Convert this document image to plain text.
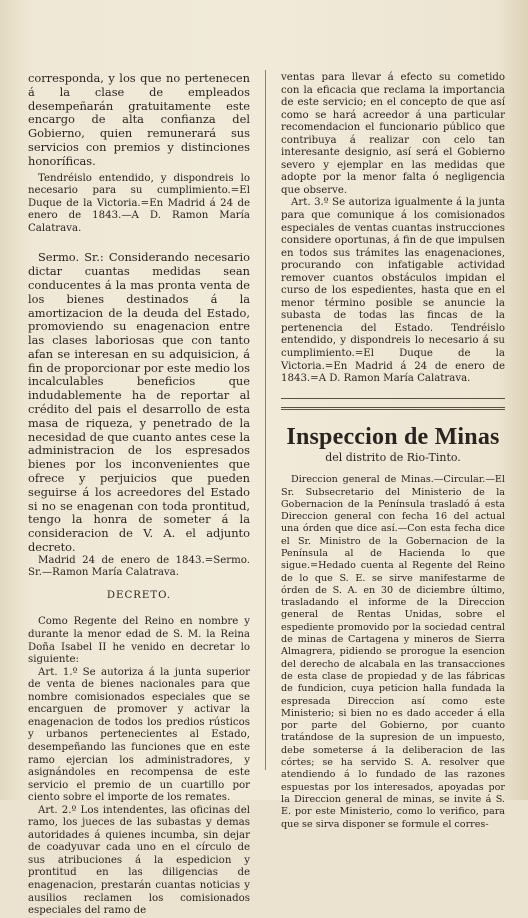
corresponda, y los que no pertenecen á la clase de empleados desempeñarán gratuitamente este encargo de alta confianza del Gobierno, quien remunerará sus servicios con premios y distinciones honoríficas.

Tendréislo entendido, y dispondreis lo necesario para su cumplimiento.=El Duque de la Victoria.=En Madrid á 24 de enero de 1843.—A D. Ramon María Calatrava.

Sermo. Sr.: Considerando necesario dictar cuantas medidas sean conducentes á la mas pronta venta de los bienes destinados á la amortizacion de la deuda del Estado, promoviendo su enagenacion entre las clases laboriosas que con tanto afan se interesan en su adquisicion, á fin de proporcionar por este medio los incalculables beneficios que indudablemente ha de reportar al crédito del pais el desarrollo de esta masa de riqueza, y penetrado de la necesidad de que cuanto antes cese la administracion de los espresados bienes por los inconvenientes que ofrece y perjuicios que pueden seguirse á los acreedores del Estado si no se enagenan con toda prontitud, tengo la honra de someter á la consideracion de V. A. el adjunto decreto.

Madrid 24 de enero de 1843.=Sermo. Sr.—Ramon María Calatrava.

DECRETO.

Como Regente del Reino en nombre y durante la menor edad de S. M. la Reina Doña Isabel II he venido en decretar lo siguiente:

Art. 1.º Se autoriza á la junta superior de venta de bienes nacionales para que nombre comisionados especiales que se encarguen de promover y activar la enagenacion de todos los predios rústicos y urbanos pertenecientes al Estado, desempeñando las funciones que en este ramo ejercian los administradores, y asignándoles en recompensa de este servicio el premio de un cuartillo por ciento sobre el importe de los remates.

Art. 2.º Los intendentes, las oficinas del ramo, los jueces de las subastas y demas autoridades á quienes incumba, sin dejar de coadyuvar cada uno en el círculo de sus atribuciones á la espedicion y prontitud en las diligencias de enagenacion, prestarán cuantas noticias y ausilios reclamen los comisionados especiales del ramo de

ventas para llevar á efecto su cometido con la eficacia que reclama la importancia de este servicio; en el concepto de que así como se hará acreedor á una particular recomendacion el funcionario público que contribuya á realizar con celo tan interesante designio, así será el Gobierno severo y ejemplar en las medidas que adopte por la menor falta ó negligencia que observe.

Art. 3.º Se autoriza igualmente á la junta para que comunique á los comisionados especiales de ventas cuantas instrucciones considere oportunas, á fin de que impulsen en todos sus trámites las enagenaciones, procurando con infatigable actividad remover cuantos obstáculos impidan el curso de los espedientes, hasta que en el menor término posible se anuncie la subasta de todas las fincas de la pertenencia del Estado. Tendréislo entendido, y dispondreis lo necesario á su cumplimiento.=El Duque de la Victoria.=En Madrid á 24 de enero de 1843.=A D. Ramon María Calatrava.

Inspeccion de Minas

del distrito de Rio-Tinto.

Direccion general de Minas.—Circular.—El Sr. Subsecretario del Ministerio de la Gobernacion de la Península trasladó á esta Direccion general con fecha 16 del actual una órden que dice así.—Con esta fecha dice el Sr. Ministro de la Gobernacion de la Península al de Hacienda lo que sigue.=Hedado cuenta al Regente del Reino de lo que S. E. se sirve manifestarme de órden de S. A. en 30 de diciembre último, trasladando el informe de la Direccion general de Rentas Unidas, sobre el espediente promovido por la sociedad central de minas de Cartagena y mineros de Sierra Almagrera, pidiendo se prorogue la esencion del derecho de alcabala en las transacciones de esta clase de propiedad y de las fábricas de fundicion, cuya peticion halla fundada la espresada Direccion así como este Ministerio; si bien no es dado acceder á ella por parte del Gobierno, por cuanto tratándose de la supresion de un impuesto, debe someterse á la deliberacion de las córtes; se ha servido S. A. resolver que atendiendo á lo fundado de las razones espuestas por los interesados, apoyadas por la Direccion general de minas, se invite á S. E. por este Ministerio, como lo verifico, para que se sirva disponer se formule el corres-
